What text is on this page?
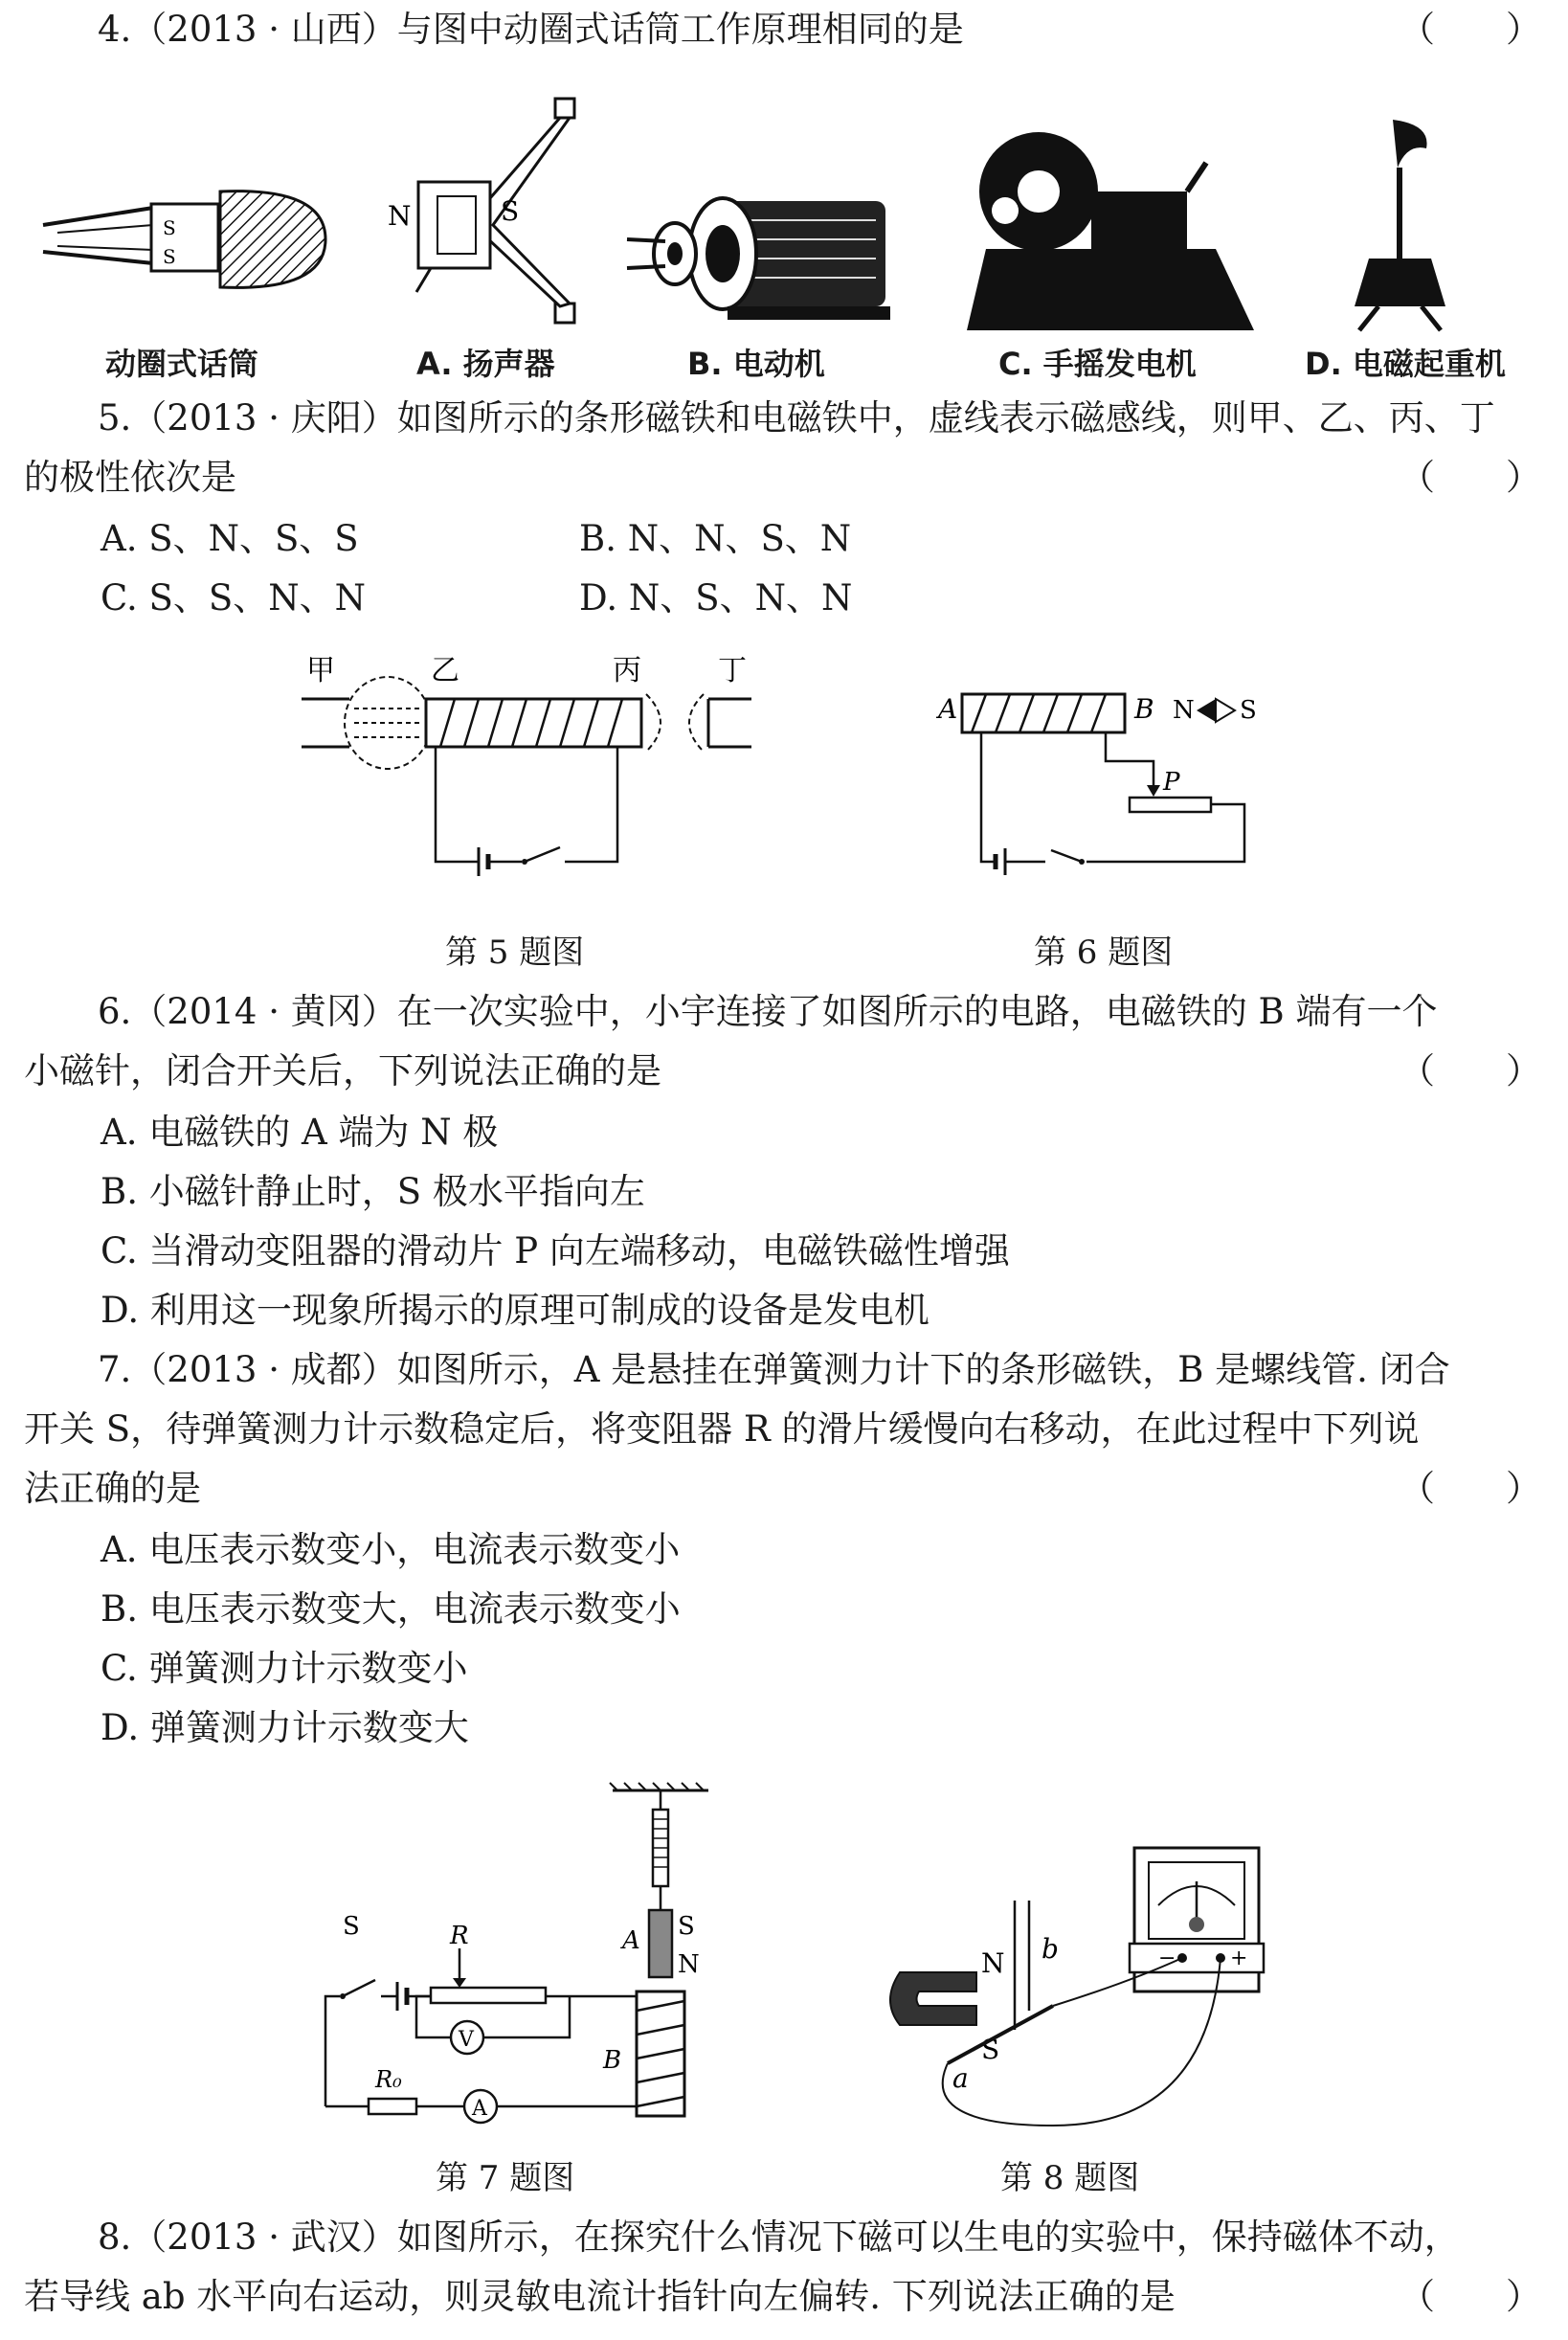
4.（2013 · 山西）与图中动圈式话筒工作原理相同的是	（　　）
S
S
N	S
动圈式话筒	A. 扬声器	B. 电动机	C. 手摇发电机	D. 电磁起重机
5.（2013 · 庆阳）如图所示的条形磁铁和电磁铁中，虚线表示磁感线，则甲、乙、丙、丁
的极性依次是	（　　）
A. S、N、S、S	B. N、N、S、N
C. S、S、N、N	D. N、S、N、N
甲	乙	丙	丁
第 5 题图
A	B N S
P
第 6 题图
6.（2014 · 黄冈）在一次实验中，小宇连接了如图所示的电路，电磁铁的 B 端有一个
小磁针，闭合开关后，下列说法正确的是	（　　）
A. 电磁铁的 A 端为 N 极
B. 小磁针静止时，S 极水平指向左
C. 当滑动变阻器的滑动片 P 向左端移动，电磁铁磁性增强
D. 利用这一现象所揭示的原理可制成的设备是发电机
7.（2013 · 成都）如图所示，A 是悬挂在弹簧测力计下的条形磁铁，B 是螺线管. 闭合
开关 S，待弹簧测力计示数稳定后，将变阻器 R 的滑片缓慢向右移动，在此过程中下列说
法正确的是	（　　）
A. 电压表示数变小，电流表示数变小
B. 电压表示数变大，电流表示数变小
C. 弹簧测力计示数变小
D. 弹簧测力计示数变大
A S
N
B
S	R
V
R₀
A
第 7 题图
−	+
N
S
b
a
第 8 题图
8.（2013 · 武汉）如图所示，在探究什么情况下磁可以生电的实验中，保持磁体不动，
若导线 ab 水平向右运动，则灵敏电流计指针向左偏转. 下列说法正确的是	（　　）
